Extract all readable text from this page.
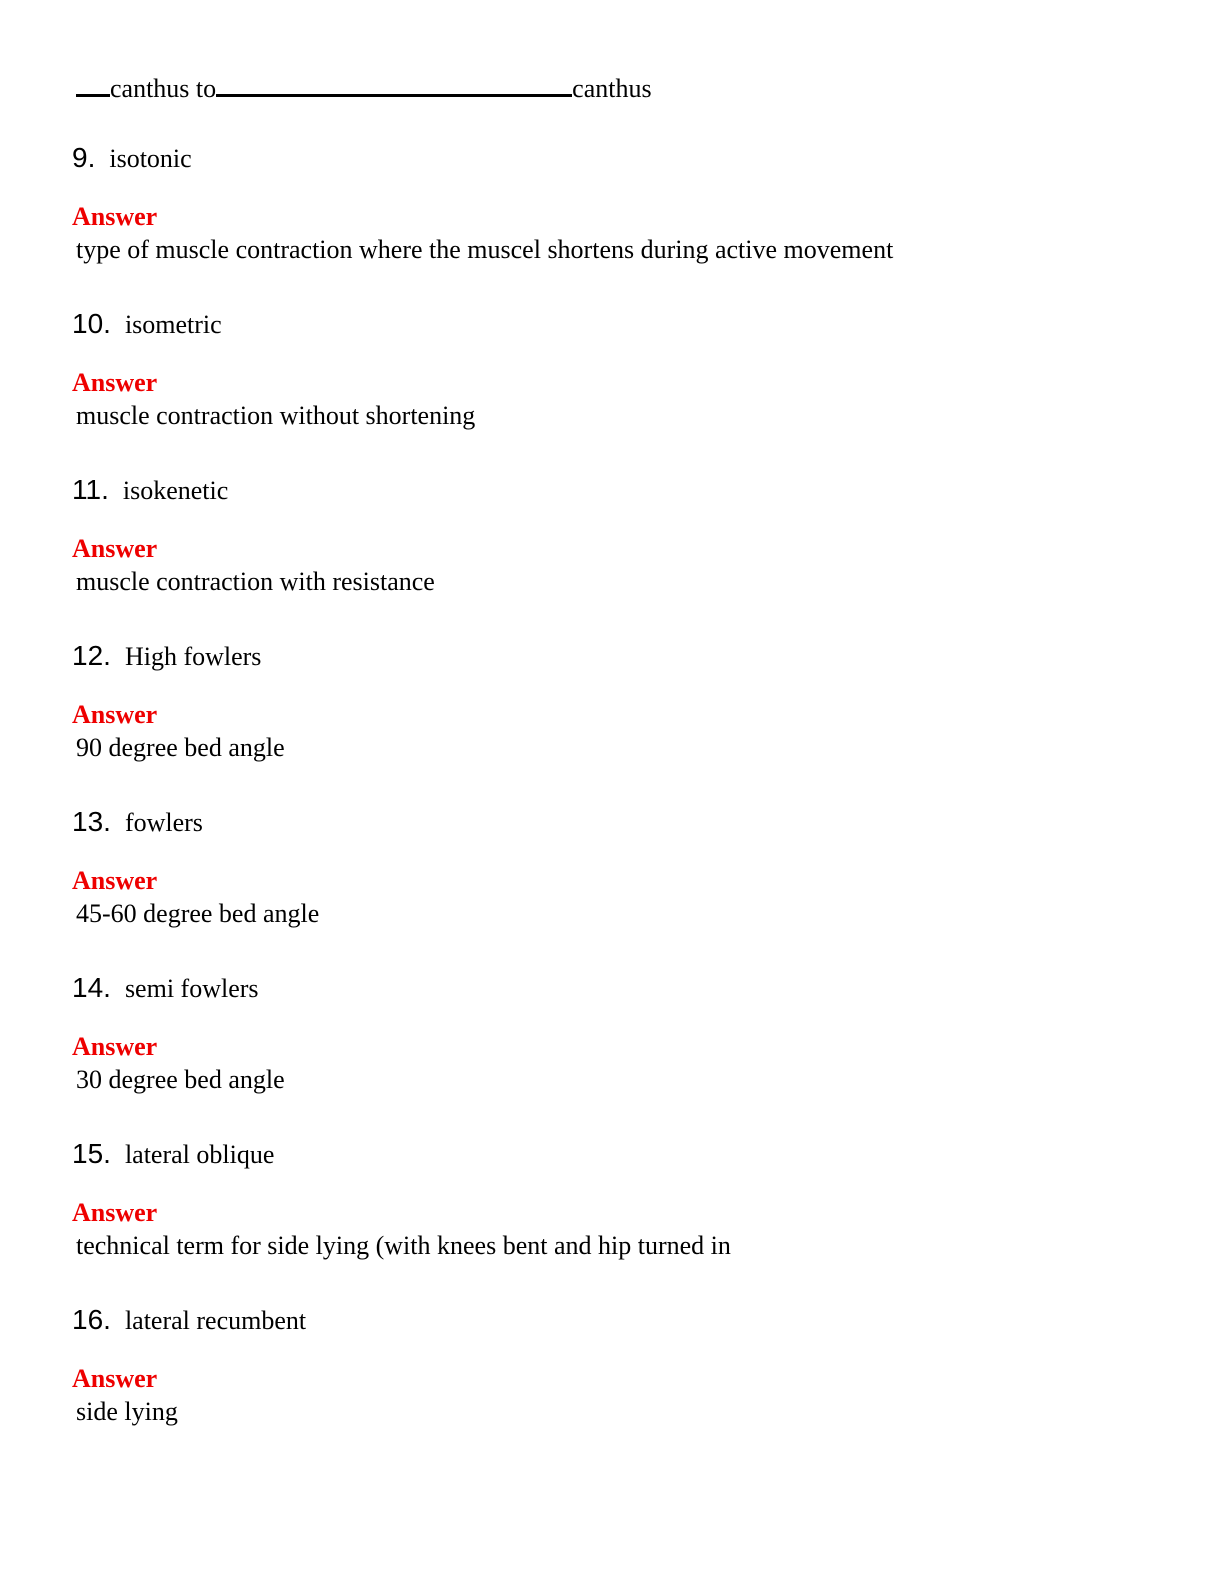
canthus to	canthus
9. isotonic
Answer
type of muscle contraction where the muscel shortens during active movement
10. isometric
Answer
muscle contraction without shortening
11. isokenetic
Answer
muscle contraction with resistance
12. High fowlers
Answer
90 degree bed angle
13. fowlers
Answer
45-60 degree bed angle
14. semi fowlers
Answer
30 degree bed angle
15. lateral oblique
Answer
technical term for side lying (with knees bent and hip turned in
16. lateral recumbent
Answer
side lying
